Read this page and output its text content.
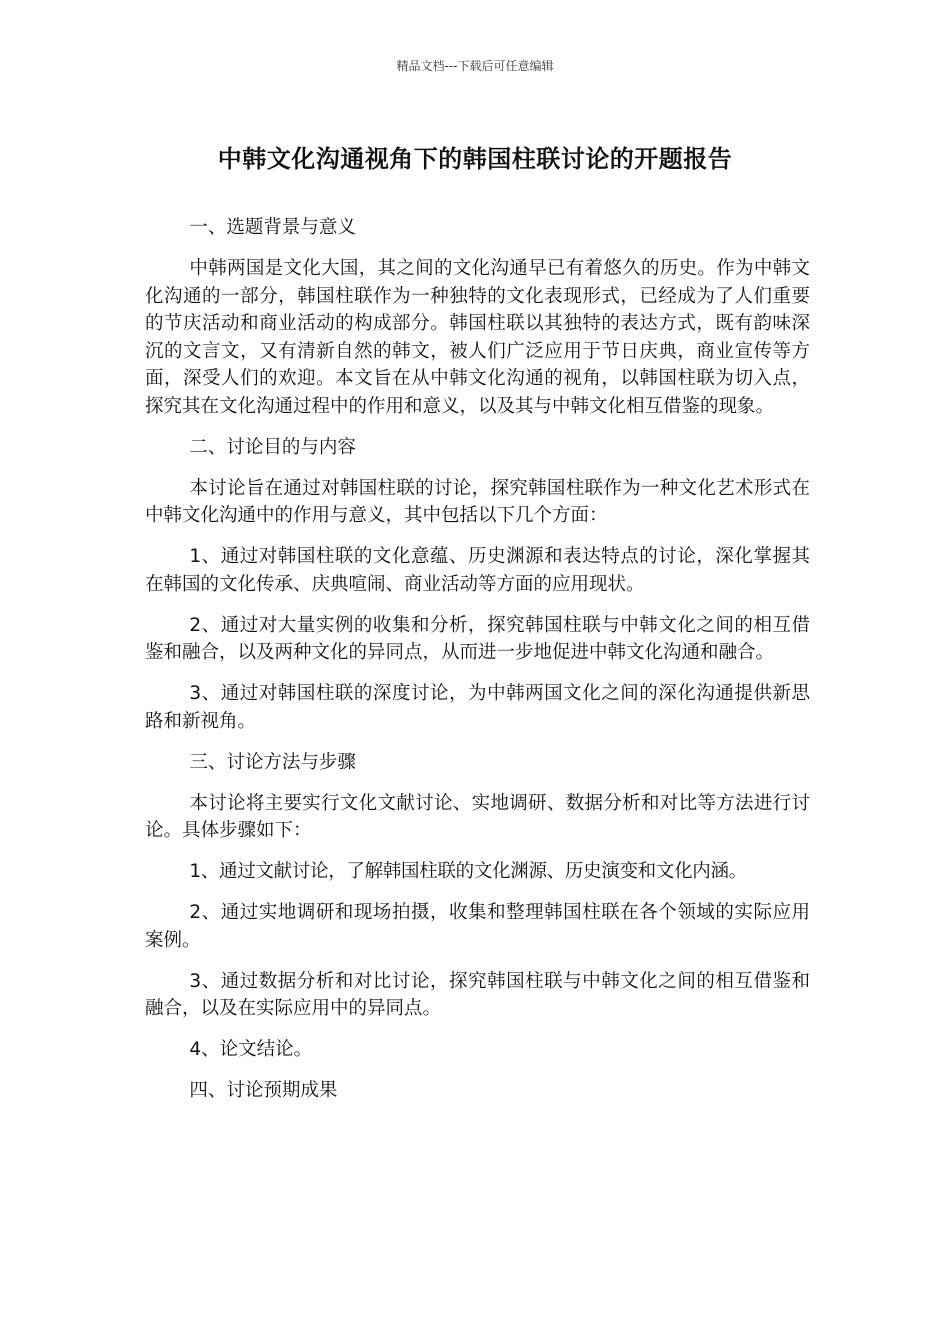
精品文档---下载后可任意编辑
中韩文化沟通视角下的韩国柱联讨论的开题报告

一、选题背景与意义

中韩两国是文化大国，其之间的文化沟通早已有着悠久的历史。作为中韩文化沟通的一部分，韩国柱联作为一种独特的文化表现形式，已经成为了人们重要的节庆活动和商业活动的构成部分。韩国柱联以其独特的表达方式，既有韵味深沉的文言文，又有清新自然的韩文，被人们广泛应用于节日庆典，商业宣传等方面，深受人们的欢迎。本文旨在从中韩文化沟通的视角，以韩国柱联为切入点，探究其在文化沟通过程中的作用和意义，以及其与中韩文化相互借鉴的现象。

二、讨论目的与内容

本讨论旨在通过对韩国柱联的讨论，探究韩国柱联作为一种文化艺术形式在中韩文化沟通中的作用与意义，其中包括以下几个方面：

1、通过对韩国柱联的文化意蕴、历史渊源和表达特点的讨论，深化掌握其在韩国的文化传承、庆典喧闹、商业活动等方面的应用现状。

2、通过对大量实例的收集和分析，探究韩国柱联与中韩文化之间的相互借鉴和融合，以及两种文化的异同点，从而进一步地促进中韩文化沟通和融合。

3、通过对韩国柱联的深度讨论，为中韩两国文化之间的深化沟通提供新思路和新视角。

三、讨论方法与步骤

本讨论将主要实行文化文献讨论、实地调研、数据分析和对比等方法进行讨论。具体步骤如下：

1、通过文献讨论，了解韩国柱联的文化渊源、历史演变和文化内涵。

2、通过实地调研和现场拍摄，收集和整理韩国柱联在各个领域的实际应用案例。

3、通过数据分析和对比讨论，探究韩国柱联与中韩文化之间的相互借鉴和融合，以及在实际应用中的异同点。

4、论文结论。

四、讨论预期成果
